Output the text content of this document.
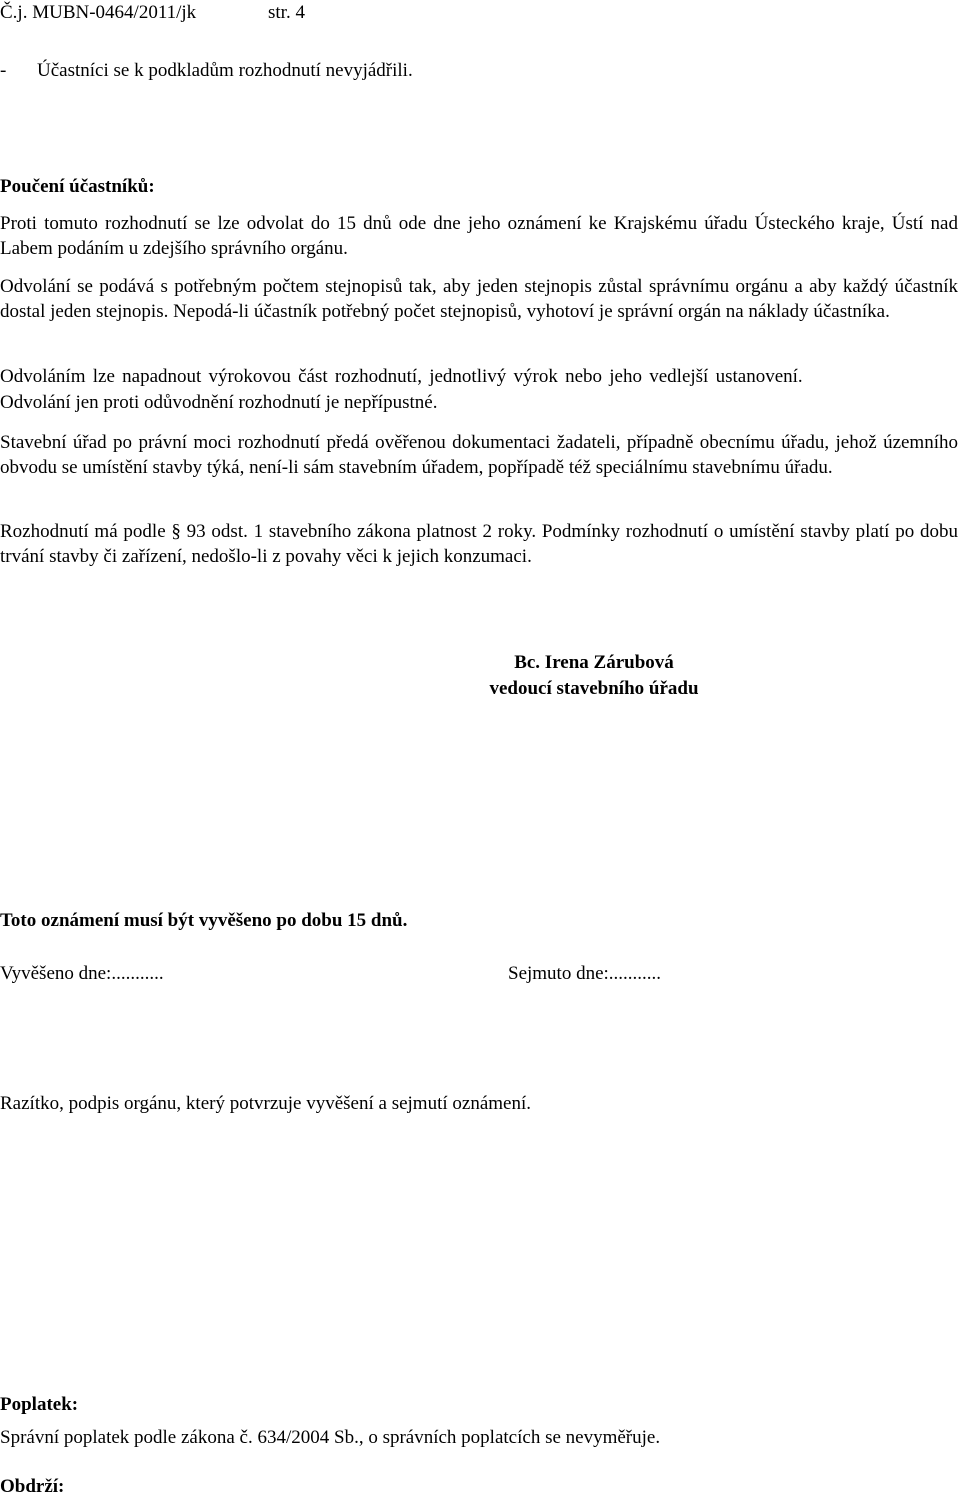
Č.j. MUBN-0464/2011/jk	str. 4
- Účastníci se k podkladům rozhodnutí nevyjádřili.
Poučení účastníků:

Proti tomuto rozhodnutí se lze odvolat do 15 dnů ode dne jeho oznámení ke Krajskému úřadu Ústeckého kraje, Ústí nad Labem podáním u zdejšího správního orgánu.

Odvolání se podává s potřebným počtem stejnopisů tak, aby jeden stejnopis zůstal správnímu orgánu a aby každý účastník dostal jeden stejnopis. Nepodá-li účastník potřebný počet stejnopisů, vyhotoví je správní orgán na náklady účastníka.

Odvoláním lze napadnout výrokovou část rozhodnutí, jednotlivý výrok nebo jeho vedlejší ustanovení.

Odvolání jen proti odůvodnění rozhodnutí je nepřípustné.

Stavební úřad po právní moci rozhodnutí předá ověřenou dokumentaci žadateli, případně obecnímu úřadu, jehož územního obvodu se umístění stavby týká, není-li sám stavebním úřadem, popřípadě též speciálnímu stavebnímu úřadu.

Rozhodnutí má podle § 93 odst. 1 stavebního zákona platnost 2 roky. Podmínky rozhodnutí o umístění stavby platí po dobu trvání stavby či zařízení, nedošlo-li z povahy věci k jejich konzumaci.

Bc. Irena Zárubová
vedoucí stavebního úřadu
Toto oznámení musí být vyvěšeno po dobu 15 dnů.
Vyvěšeno dne:...........	Sejmuto dne:...........
Razítko, podpis orgánu, který potvrzuje vyvěšení a sejmutí oznámení.
Poplatek:
Správní poplatek podle zákona č. 634/2004 Sb., o správních poplatcích se nevyměřuje.
Obdrží:
